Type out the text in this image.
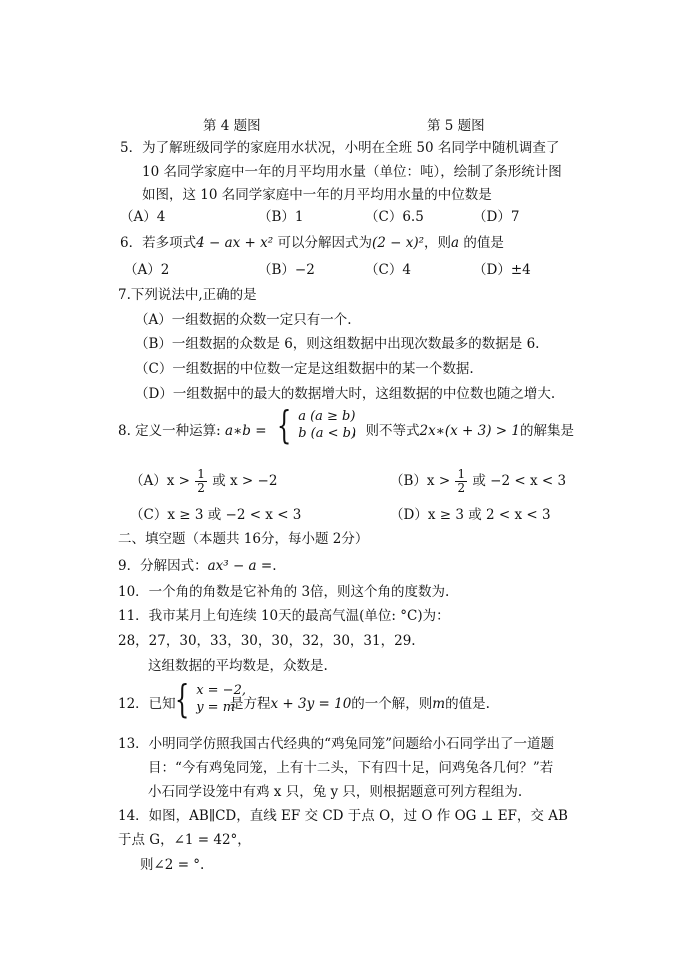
第 4 题图	第 5 题图
5．为了解班级同学的家庭用水状况，小明在全班 50 名同学中随机调查了
10 名同学家庭中一年的月平均用水量（单位：吨），绘制了条形统计图
如图，这 10 名同学家庭中一年的月平均用水量的中位数是
（A）4	（B）1	（C）6.5	（D）7
6．若多项式4 − ax + x² 可以分解因式为(2 − x)²，则a 的值是
（A）2	（B）−2	（C）4	（D）±4
7.下列说法中,正确的是
（A）一组数据的众数一定只有一个.
（B）一组数据的众数是 6，则这组数据中出现次数最多的数据是 6.
（C）一组数据的中位数一定是这组数据中的某一个数据.
（D）一组数据中的最大的数据增大时，这组数据的中位数也随之增大.
8. 定义一种运算: a∗b = { a (a ≥ b)
b (a < b)
，则不等式2x∗(x + 3) > 1的解集是
$(A)x > \frac{1}{2}$ 或 x > −2	$(B)x > \frac{1}{2}$ 或 −2 < x < 3
（C）x ≥ 3 或 −2 < x < 3	（D）x ≥ 3 或 2 < x < 3
二、填空题（本题共 16分，每小题 2分）
9．分解因式：ax³ − a =.
10．一个角的角数是它补角的 3倍，则这个角的度数为.
11．我市某月上旬连续 10天的最高气温(单位: °C)为：
28，27，30，33，30，30，32，30，31，29.
这组数据的平均数是，众数是.
12．已知 { x = −2,
y = m
是方程x + 3y = 10的一个解，则m的值是.
13．小明同学仿照我国古代经典的“鸡兔同笼”问题给小石同学出了一道题
目：“今有鸡兔同笼，上有十二头，下有四十足，问鸡兔各几何？”若
小石同学设笼中有鸡 x 只，兔 y 只，则根据题意可列方程组为.
14．如图，AB∥CD，直线 EF 交 CD 于点 O，过 O 作 OG ⊥ EF，交 AB
于点 G，∠1 = 42°，
则∠2 = °.
